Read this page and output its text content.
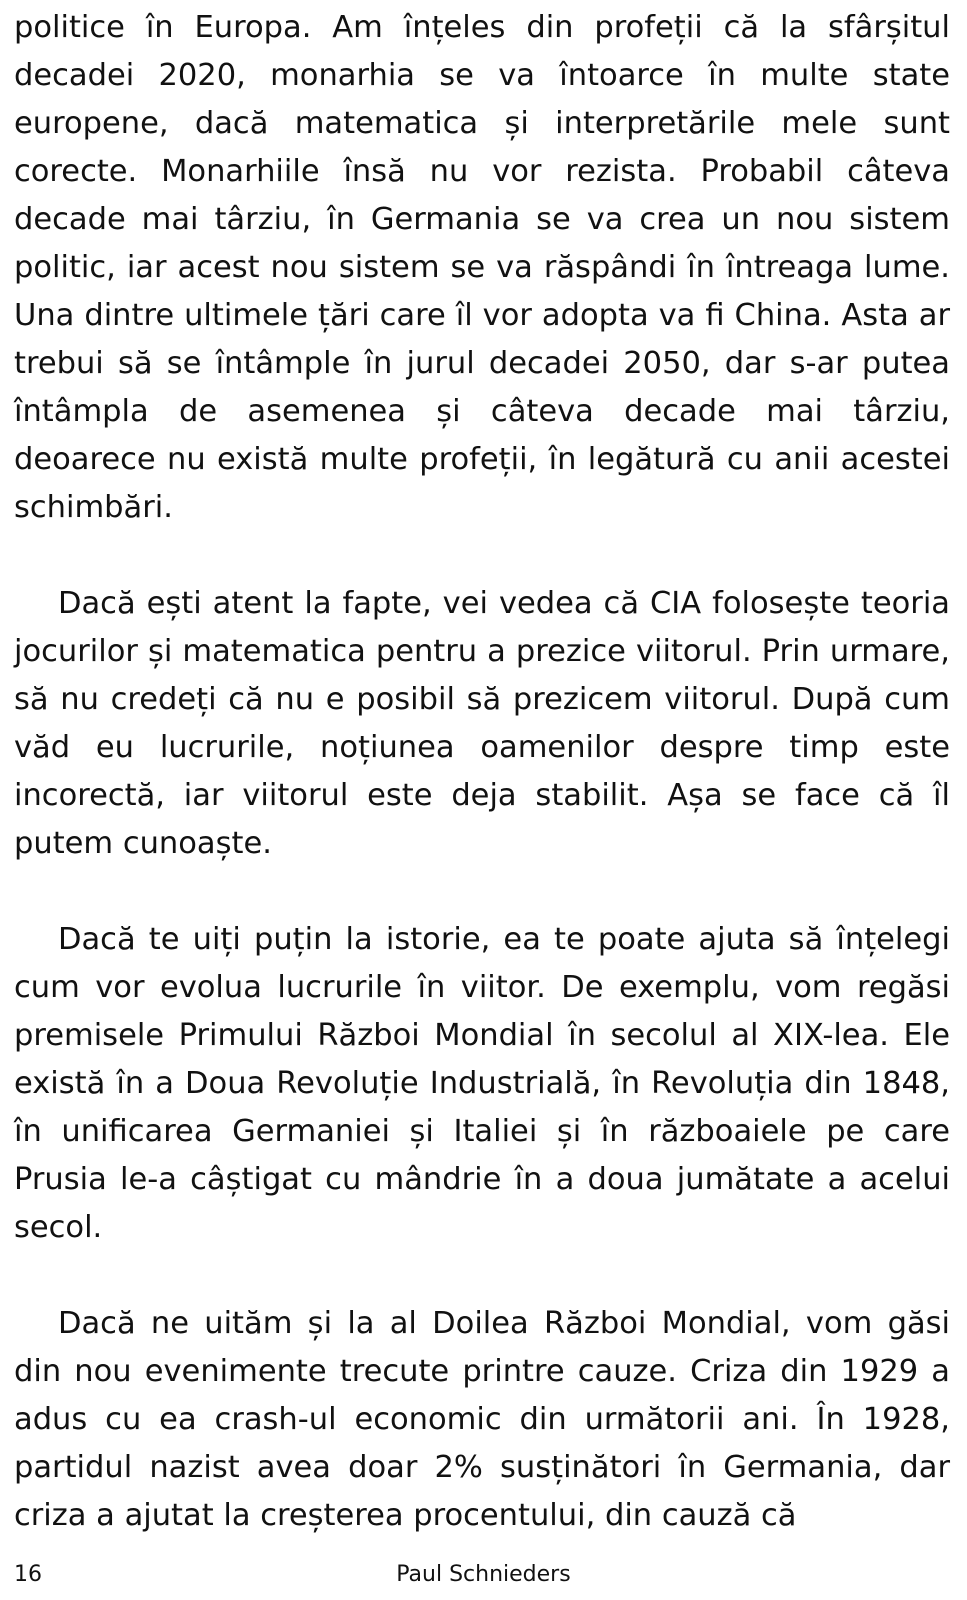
politice în Europa. Am înțeles din profeții că la sfârșitul decadei 2020, monarhia se va întoarce în multe state europene, dacă matematica și interpretările mele sunt corecte. Monarhiile însă nu vor rezista. Probabil câteva decade mai târziu, în Germania se va crea un nou sistem politic, iar acest nou sistem se va răspândi în întreaga lume. Una dintre ultimele țări care îl vor adopta va fi China. Asta ar trebui să se întâmple în jurul decadei 2050, dar s-ar putea întâmpla de asemenea și câteva decade mai târziu, deoarece nu există multe profeții, în legătură cu anii acestei schimbări.

Dacă ești atent la fapte, vei vedea că CIA folosește teoria jocurilor și matematica pentru a prezice viitorul. Prin urmare, să nu credeți că nu e posibil să prezicem viitorul. După cum văd eu lucrurile, noțiunea oamenilor despre timp este incorectă, iar viitorul este deja stabilit. Așa se face că îl putem cunoaște.

Dacă te uiți puțin la istorie, ea te poate ajuta să înțelegi cum vor evolua lucrurile în viitor. De exemplu, vom regăsi premisele Primului Război Mondial în secolul al XIX-lea. Ele există în a Doua Revoluție Industrială, în Revoluția din 1848, în unificarea Germaniei și Italiei și în războaiele pe care Prusia le-a câștigat cu mândrie în a doua jumătate a acelui secol.

Dacă ne uităm și la al Doilea Război Mondial, vom găsi din nou evenimente trecute printre cauze. Criza din 1929 a adus cu ea crash-ul economic din următorii ani. În 1928, partidul nazist avea doar 2% susținători în Germania, dar criza a ajutat la creșterea procentului, din cauză că

16	Paul Schnieders
